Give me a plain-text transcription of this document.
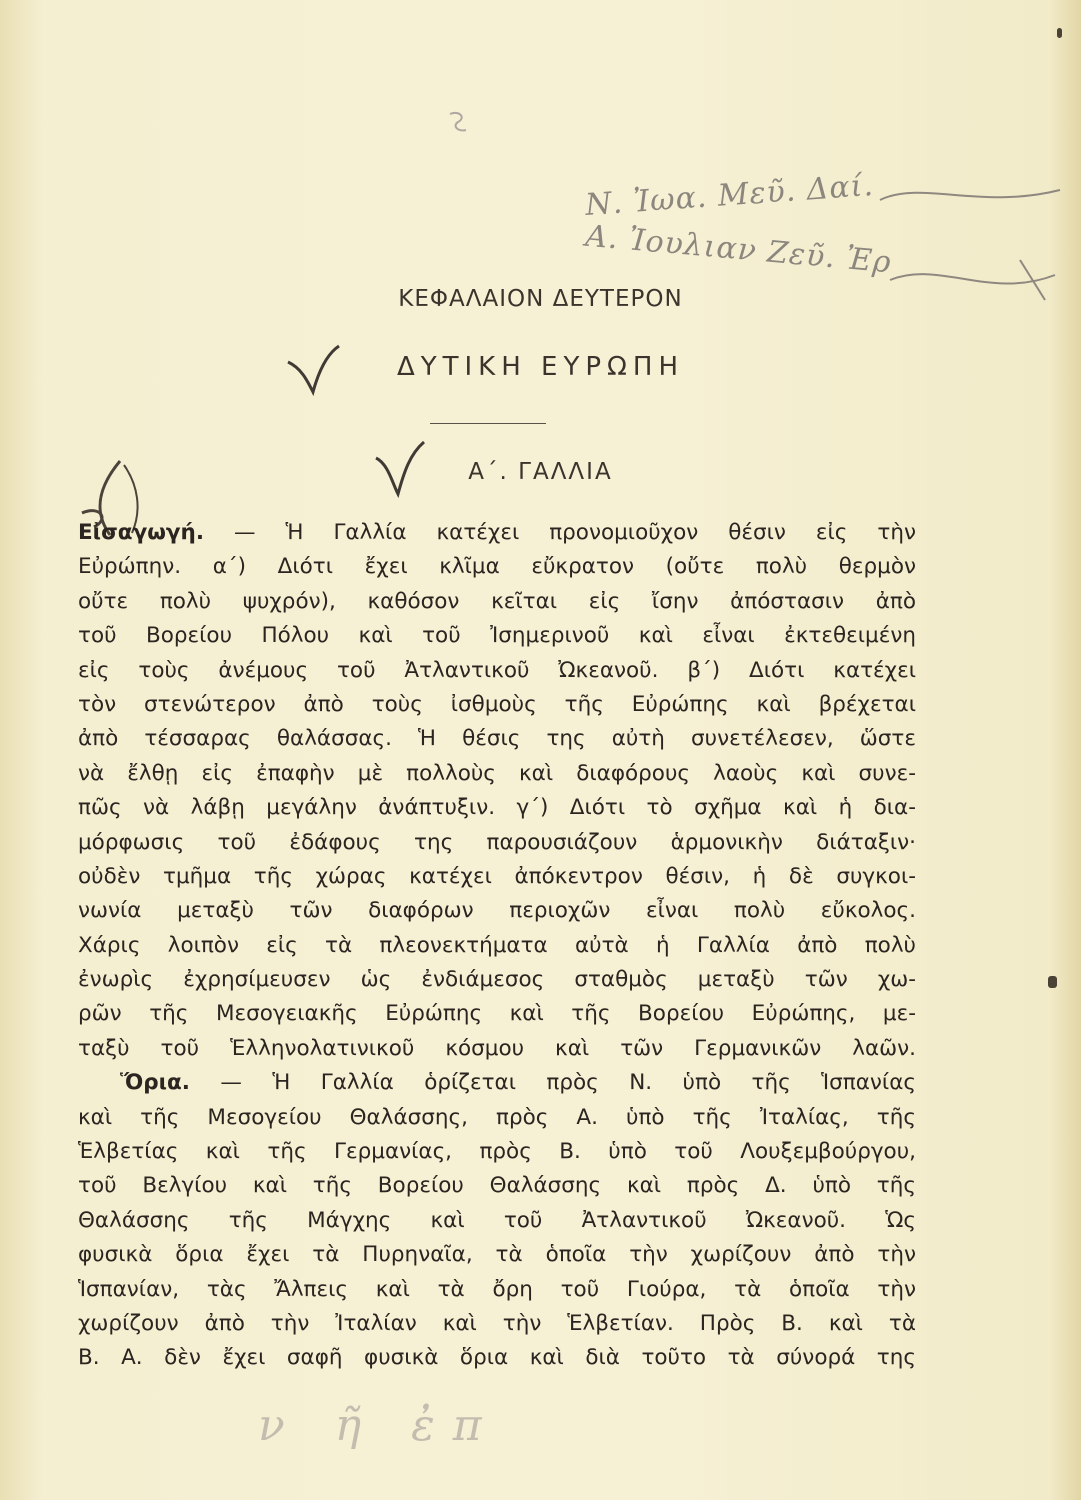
Ν. Ἰωα. Μεῦ. Δαί.
Α. Ἰουλιαν Ζεῦ. Ἐρ
ΚΕΦΑΛΑΙΟΝ ΔΕΥΤΕΡΟΝ
ΔΥΤΙΚΗ ΕΥΡΩΠΗ
Α΄. ΓΑΛΛΙΑ
Εἰσαγωγή. — Ἡ Γαλλία κατέχει προνομιοῦχον θέσιν εἰς τὴν
Εὐρώπην. α΄) Διότι ἔχει κλῖμα εὔκρατον (οὔτε πολὺ θερμὸν
οὔτε πολὺ ψυχρόν), καθόσον κεῖται εἰς ἴσην ἀπόστασιν ἀπὸ
τοῦ Βορείου Πόλου καὶ τοῦ Ἰσημερινοῦ καὶ εἶναι ἐκτεθειμένη
εἰς τοὺς ἀνέμους τοῦ Ἀτλαντικοῦ Ὠκεανοῦ. β΄) Διότι κατέχει
τὸν στενώτερον ἀπὸ τοὺς ἰσθμοὺς τῆς Εὐρώπης καὶ βρέχεται
ἀπὸ τέσσαρας θαλάσσας. Ἡ θέσις της αὐτὴ συνετέλεσεν, ὥστε
νὰ ἔλθῃ εἰς ἐπαφὴν μὲ πολλοὺς καὶ διαφόρους λαοὺς καὶ συνε-
πῶς νὰ λάβῃ μεγάλην ἀνάπτυξιν. γ΄) Διότι τὸ σχῆμα καὶ ἡ δια-
μόρφωσις τοῦ ἐδάφους της παρουσιάζουν ἁρμονικὴν διάταξιν·
οὐδὲν τμῆμα τῆς χώρας κατέχει ἀπόκεντρον θέσιν, ἡ δὲ συγκοι-
νωνία μεταξὺ τῶν διαφόρων περιοχῶν εἶναι πολὺ εὔκολος.
Χάρις λοιπὸν εἰς τὰ πλεονεκτήματα αὐτὰ ἡ Γαλλία ἀπὸ πολὺ
ἐνωρὶς ἐχρησίμευσεν ὡς ἐνδιάμεσος σταθμὸς μεταξὺ τῶν χω-
ρῶν τῆς Μεσογειακῆς Εὐρώπης καὶ τῆς Βορείου Εὐρώπης, με-
ταξὺ τοῦ Ἑλληνολατινικοῦ κόσμου καὶ τῶν Γερμανικῶν λαῶν.
Ὅρια. — Ἡ Γαλλία ὁρίζεται πρὸς Ν. ὑπὸ τῆς Ἱσπανίας
καὶ τῆς Μεσογείου Θαλάσσης, πρὸς Α. ὑπὸ τῆς Ἰταλίας, τῆς
Ἑλβετίας καὶ τῆς Γερμανίας, πρὸς Β. ὑπὸ τοῦ Λουξεμβούργου,
τοῦ Βελγίου καὶ τῆς Βορείου Θαλάσσης καὶ πρὸς Δ. ὑπὸ τῆς
Θαλάσσης τῆς Μάγχης καὶ τοῦ Ἀτλαντικοῦ Ὠκεανοῦ. Ὡς
φυσικὰ ὅρια ἔχει τὰ Πυρηναῖα, τὰ ὁποῖα τὴν χωρίζουν ἀπὸ τὴν
Ἱσπανίαν, τὰς Ἄλπεις καὶ τὰ ὄρη τοῦ Γιούρα, τὰ ὁποῖα τὴν
χωρίζουν ἀπὸ τὴν Ἰταλίαν καὶ τὴν Ἑλβετίαν. Πρὸς Β. καὶ τὰ
Β. Α. δὲν ἔχει σαφῆ φυσικὰ ὅρια καὶ διὰ τοῦτο τὰ σύνορά της
ν ῆ ἐπ
